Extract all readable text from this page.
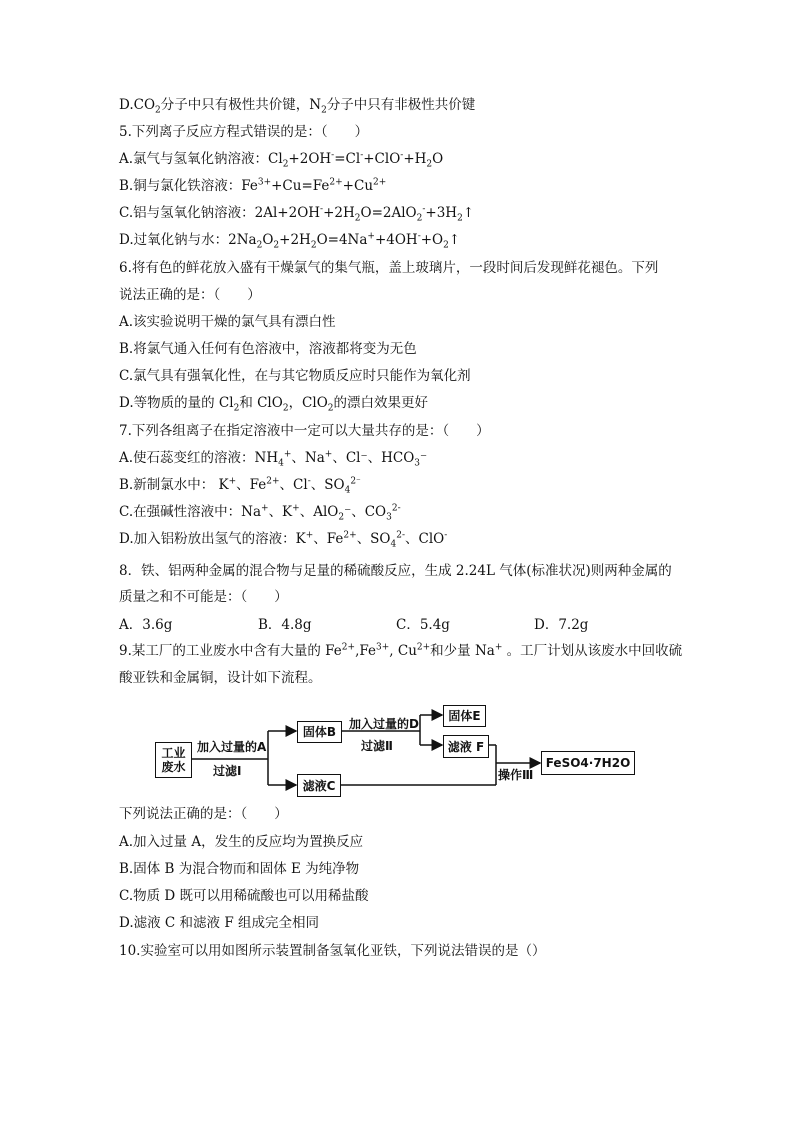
$D.CO_2$分子中只有极性共价键，$N_2$分子中只有非极性共价键
5.下列离子反应方程式错误的是：（　　）
A.氯气与氢氧化钠溶液：$Cl_2+2OH^-=Cl^-+ClO^-+H_2O$
B.铜与氯化铁溶液：$Fe^{3+}+Cu=Fe^{2+}+Cu^{2+}$
C.铝与氢氧化钠溶液：$2Al+2OH^-+2H_2O=2AlO_2^-+3H_2↑$
D.过氧化钠与水：$2Na_2O_2+2H_2O=4Na^++4OH^-+O_2↑$
6.将有色的鲜花放入盛有干燥氯气的集气瓶，盖上玻璃片，一段时间后发现鲜花褪色。下列
说法正确的是：（　　）
A.该实验说明干燥的氯气具有漂白性
B.将氯气通入任何有色溶液中，溶液都将变为无色
C.氯气具有强氧化性，在与其它物质反应时只能作为氧化剂
D.等物质的量的 $Cl_2$和 ClO$_2$，ClO$_2$的漂白效果更好
7.下列各组离子在指定溶液中一定可以大量共存的是：（　　）
A.使石蕊变红的溶液：$NH_4^+$、Na+、Cl⁻、$HCO_3^-$
B.新制氯水中： K+、$Fe^{2+}$、Cl-、$SO_4^{2^-}$
C.在强碱性溶液中：Na+、K+、AlO$_2$⁻、$CO_3^{2-}$
D.加入铝粉放出氢气的溶液：K+、$Fe^{2+}$、$SO_4^{2-}$、ClO-
8．铁、铝两种金属的混合物与足量的稀硫酸反应，生成 2.24L 气体(标准状况)则两种金属的
质量之和不可能是：（　　）
9.某工厂的工业废水中含有大量的 $Fe^{2+},Fe^{3+}$, $Cu^{2+}$和少量 Na+ 。工厂计划从该废水中回收硫
酸亚铁和金属铜，设计如下流程。
下列说法正确的是：（　　）
A.加入过量 A，发生的反应均为置换反应
B.固体 B 为混合物而和固体 E 为纯净物
C.物质 D 既可以用稀硫酸也可以用稀盐酸
D.滤液 C 和滤液 F 组成完全相同
10.实验室可以用如图所示装置制备氢氧化亚铁，下列说法错误的是（）
A．3.6g	B．4.8g	C．5.4g	D．7.2g
工业
废水
加入过量的A
过滤Ⅰ
固体B
滤液C
加入过量的D
过滤Ⅱ
固体E
滤液 F
操作Ⅲ
FeSO4·7H2O
